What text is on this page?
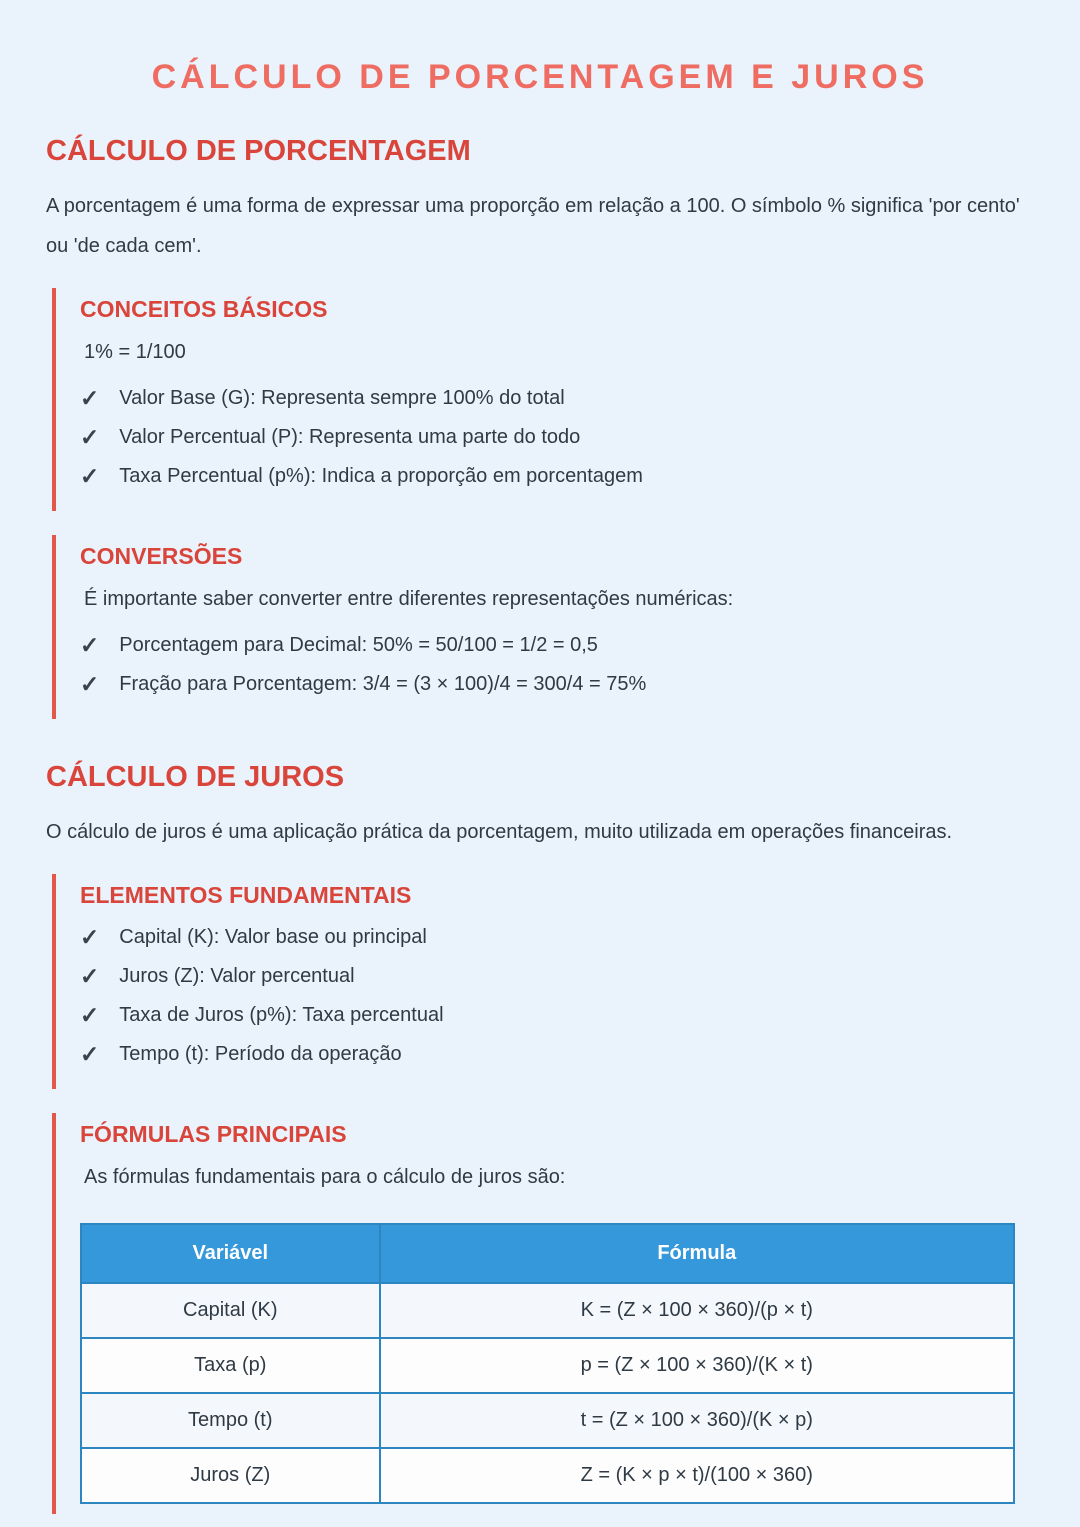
CÁLCULO DE PORCENTAGEM E JUROS
CÁLCULO DE PORCENTAGEM

A porcentagem é uma forma de expressar uma proporção em relação a 100. O símbolo % significa 'por cento' ou 'de cada cem'.

CONCEITOS BÁSICOS

1% = 1/100

✓ Valor Base (G): Representa sempre 100% do total
✓ Valor Percentual (P): Representa uma parte do todo
✓ Taxa Percentual (p%): Indica a proporção em porcentagem
CONVERSÕES

É importante saber converter entre diferentes representações numéricas:

✓ Porcentagem para Decimal: 50% = 50/100 = 1/2 = 0,5
✓ Fração para Porcentagem: 3/4 = (3 × 100)/4 = 300/4 = 75%
CÁLCULO DE JUROS

O cálculo de juros é uma aplicação prática da porcentagem, muito utilizada em operações financeiras.

ELEMENTOS FUNDAMENTAIS
✓ Capital (K): Valor base ou principal
✓ Juros (Z): Valor percentual
✓ Taxa de Juros (p%): Taxa percentual
✓ Tempo (t): Período da operação
FÓRMULAS PRINCIPAIS

As fórmulas fundamentais para o cálculo de juros são:

Variável	Fórmula
Capital (K)	K = (Z × 100 × 360)/(p × t)
Taxa (p)	p = (Z × 100 × 360)/(K × t)
Tempo (t)	t = (Z × 100 × 360)/(K × p)
Juros (Z)	Z = (K × p × t)/(100 × 360)
